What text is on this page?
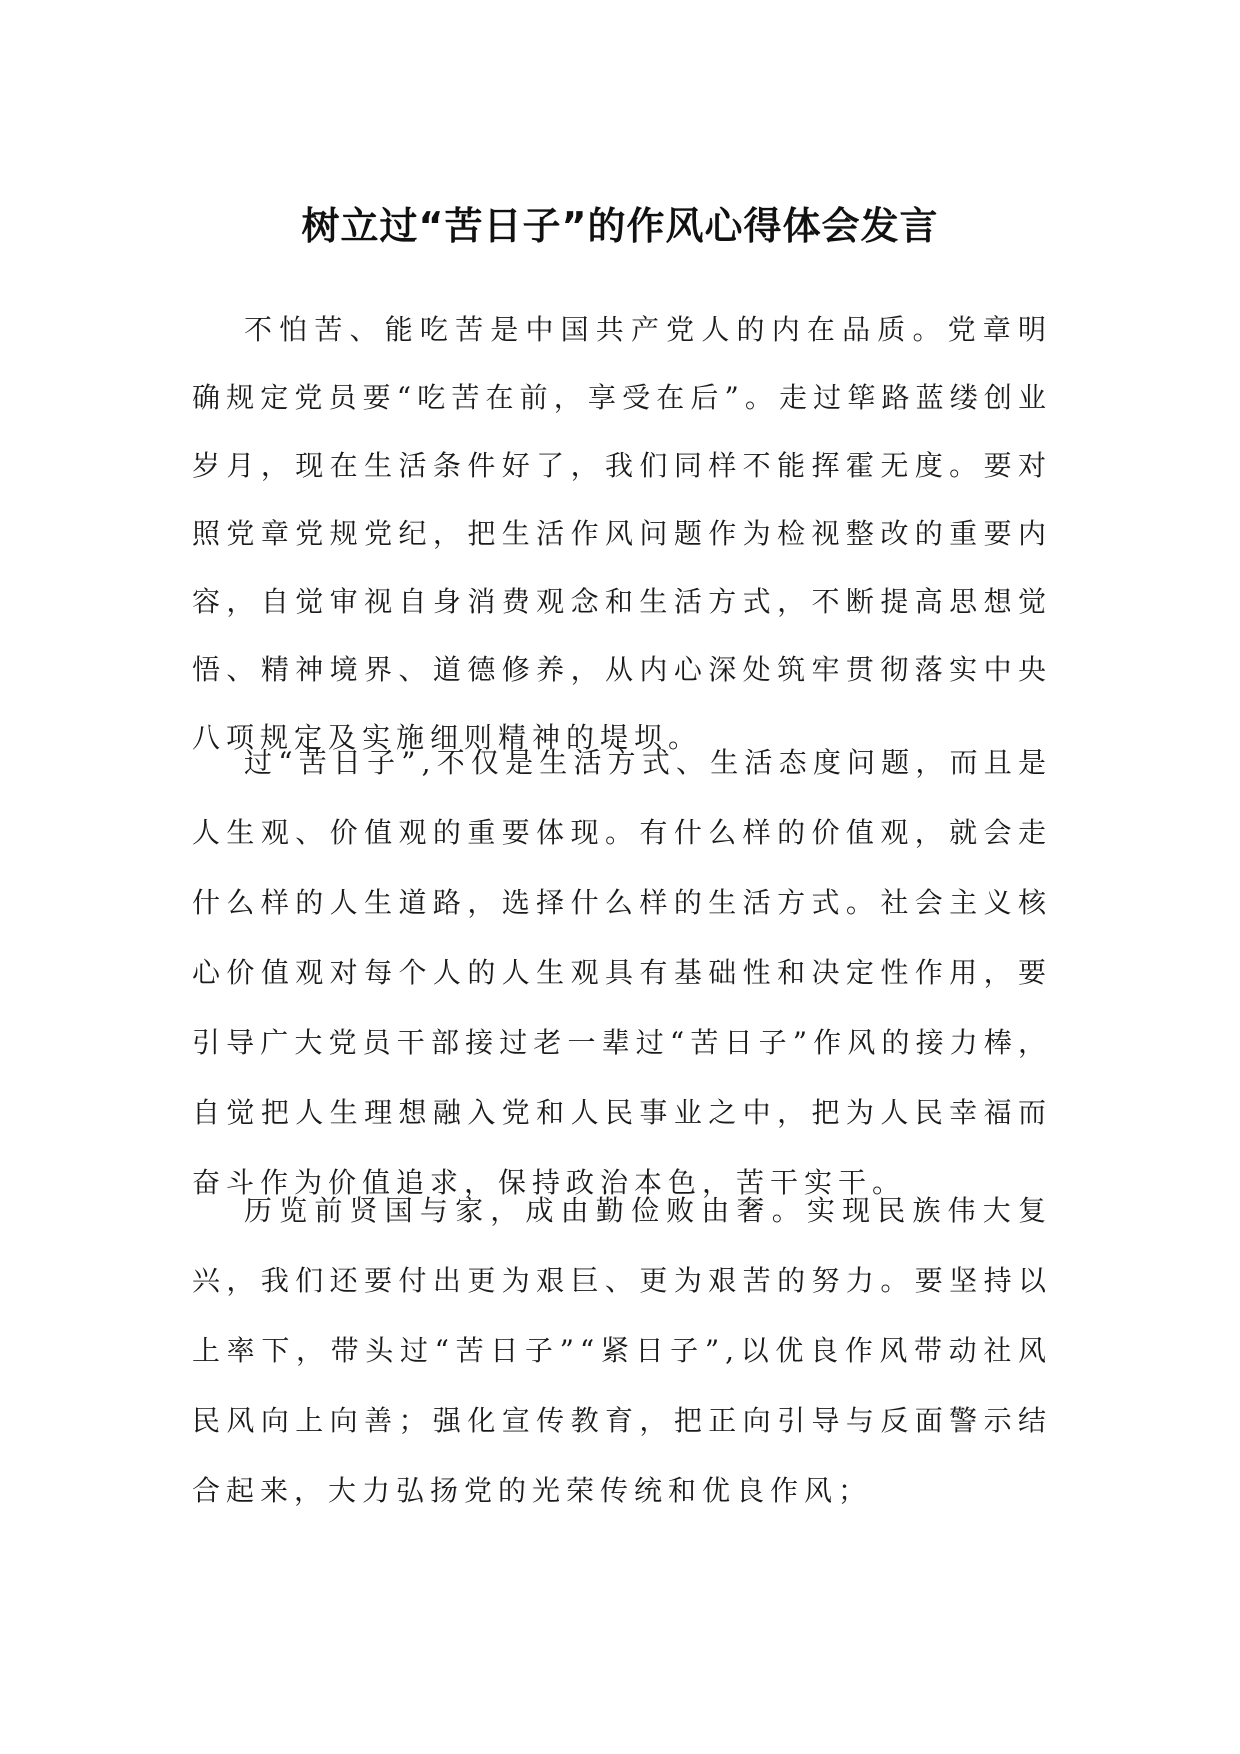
树立过“苦日子”的作风心得体会发言

不怕苦、能吃苦是中国共产党人的内在品质。党章明确规定党员要“吃苦在前，享受在后”。走过筚路蓝缕创业岁月，现在生活条件好了，我们同样不能挥霍无度。要对照党章党规党纪，把生活作风问题作为检视整改的重要内容，自觉审视自身消费观念和生活方式，不断提高思想觉悟、精神境界、道德修养，从内心深处筑牢贯彻落实中央八项规定及实施细则精神的堤坝。

过“苦日子”,不仅是生活方式、生活态度问题，而且是人生观、价值观的重要体现。有什么样的价值观，就会走什么样的人生道路，选择什么样的生活方式。社会主义核心价值观对每个人的人生观具有基础性和决定性作用，要引导广大党员干部接过老一辈过“苦日子”作风的接力棒，自觉把人生理想融入党和人民事业之中，把为人民幸福而奋斗作为价值追求，保持政治本色，苦干实干。

历览前贤国与家，成由勤俭败由奢。实现民族伟大复兴，我们还要付出更为艰巨、更为艰苦的努力。要坚持以上率下，带头过“苦日子”“紧日子”,以优良作风带动社风民风向上向善；强化宣传教育，把正向引导与反面警示结合起来，大力弘扬党的光荣传统和优良作风；
